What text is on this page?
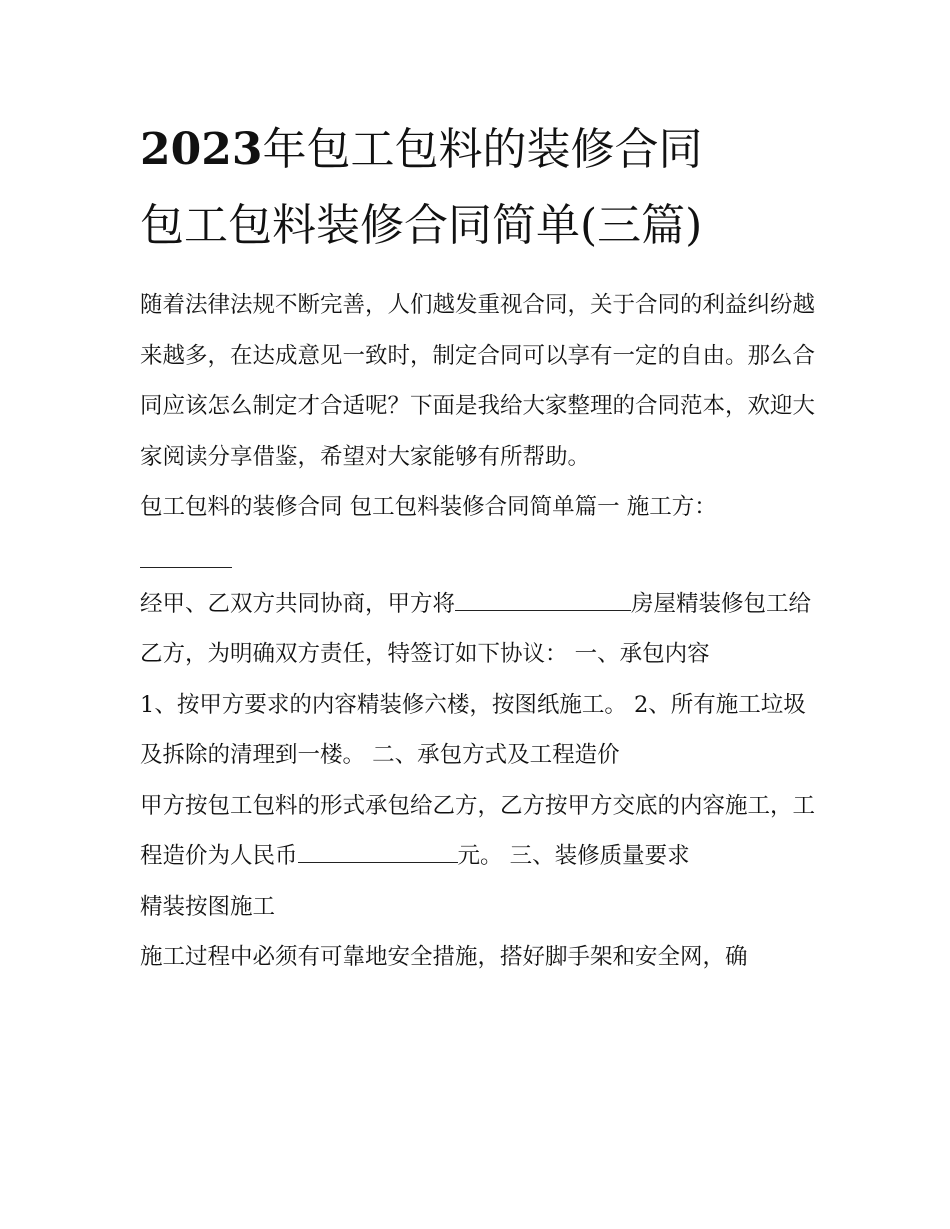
2023年包工包料的装修合同
包工包料装修合同简单(三篇)

随着法律法规不断完善，人们越发重视合同，关于合同的利益纠纷越来越多，在达成意见一致时，制定合同可以享有一定的自由。那么合同应该怎么制定才合适呢？下面是我给大家整理的合同范本，欢迎大家阅读分享借鉴，希望对大家能够有所帮助。

包工包料的装修合同 包工包料装修合同简单篇一 施工方：

经甲、乙双方共同协商，甲方将	房屋精装修包工给乙方，为明确双方责任，特签订如下协议： 一、承包内容

1、按甲方要求的内容精装修六楼，按图纸施工。 2、所有施工垃圾及拆除的清理到一楼。 二、承包方式及工程造价

甲方按包工包料的形式承包给乙方，乙方按甲方交底的内容施工，工程造价为人民币	元。 三、装修质量要求

精装按图施工

施工过程中必须有可靠地安全措施，搭好脚手架和安全网，确
